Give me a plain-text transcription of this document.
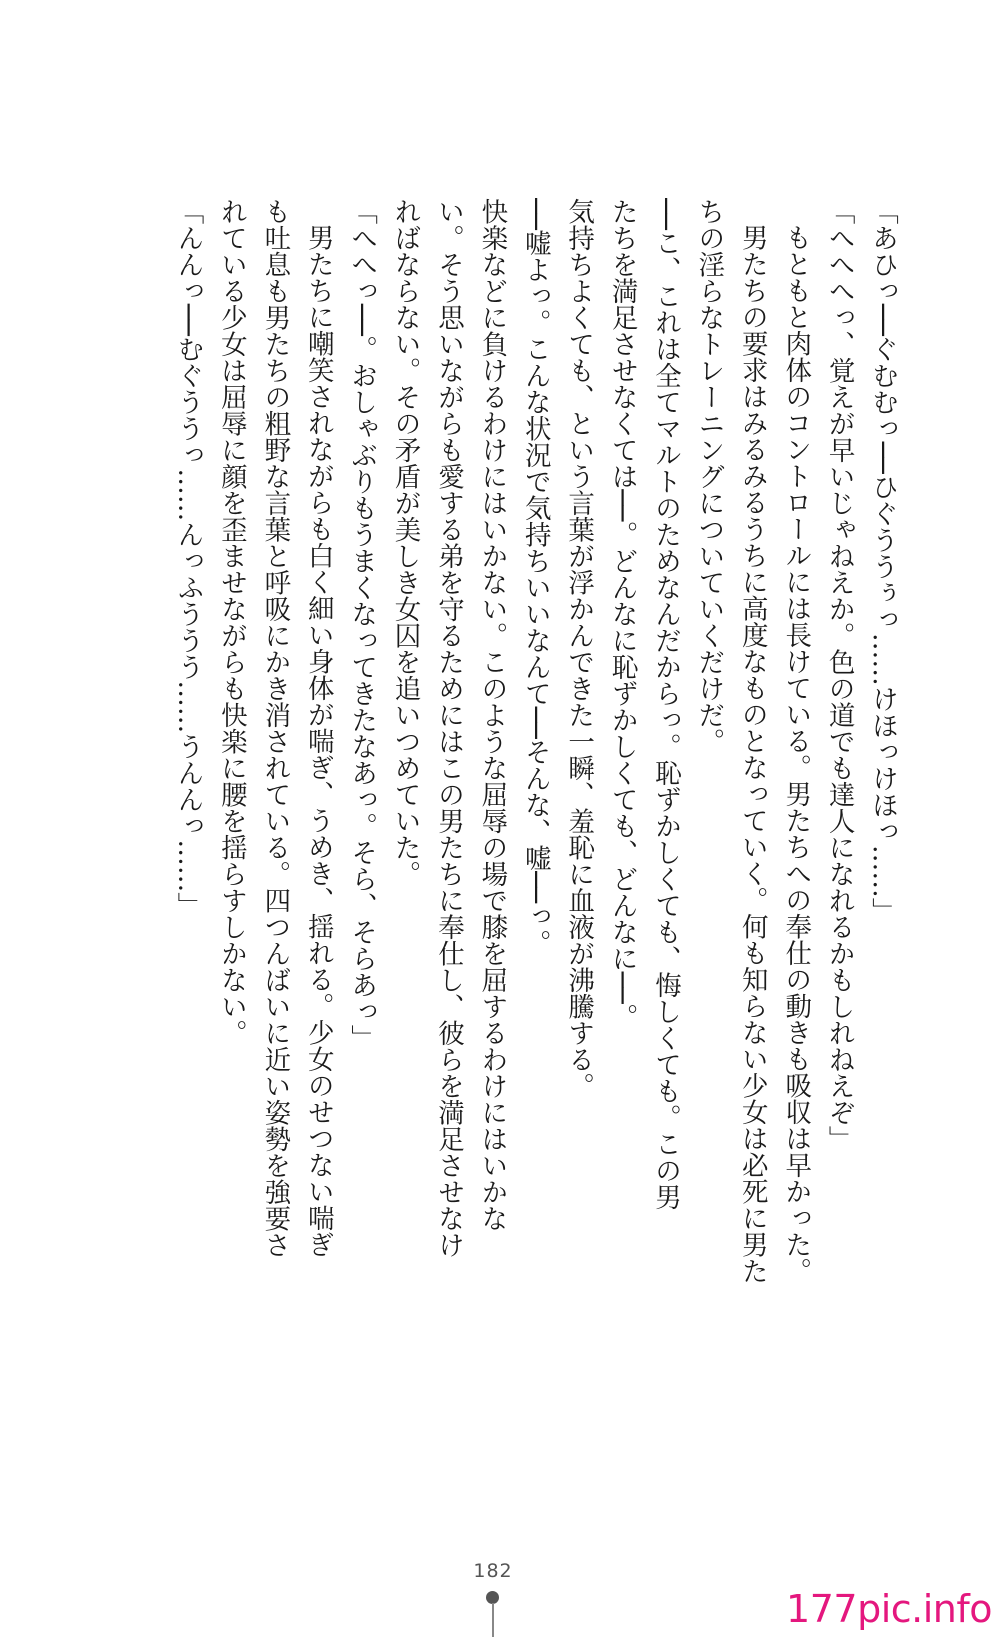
「あひっ──ぐむむっ──ひぐううぅっ……けほっけほっ……」

「へへへっ、覚えが早いじゃねえか。色の道でも達人になれるかもしれねえぞ」

もともと肉体のコントロールには長けている。男たちへの奉仕の動きも吸収は早かった。

男たちの要求はみるみるうちに高度なものとなっていく。何も知らない少女は必死に男た

ちの淫らなトレーニングについていくだけだ。

──こ、これは全てマルトのためなんだからっ。恥ずかしくても、悔しくても。この男

たちを満足させなくては──。どんなに恥ずかしくても、どんなに──。

気持ちよくても、という言葉が浮かんできた一瞬、羞恥に血液が沸騰する。

──嘘よっ。こんな状況で気持ちいいなんて──そんな、嘘──っ。

快楽などに負けるわけにはいかない。このような屈辱の場で膝を屈するわけにはいかな

い。そう思いながらも愛する弟を守るためにはこの男たちに奉仕し、彼らを満足させなけ

ればならない。その矛盾が美しき女囚を追いつめていた。

「へへっ──。おしゃぶりもうまくなってきたなあっ。そら、そらあっ」

男たちに嘲笑されながらも白く細い身体が喘ぎ、うめき、揺れる。少女のせつない喘ぎ

も吐息も男たちの粗野な言葉と呼吸にかき消されている。四つんばいに近い姿勢を強要さ

れている少女は屈辱に顔を歪ませながらも快楽に腰を揺らすしかない。

「んんっ──むぐううっ……んっふううう……うんんっ……」

182
177pic.info
